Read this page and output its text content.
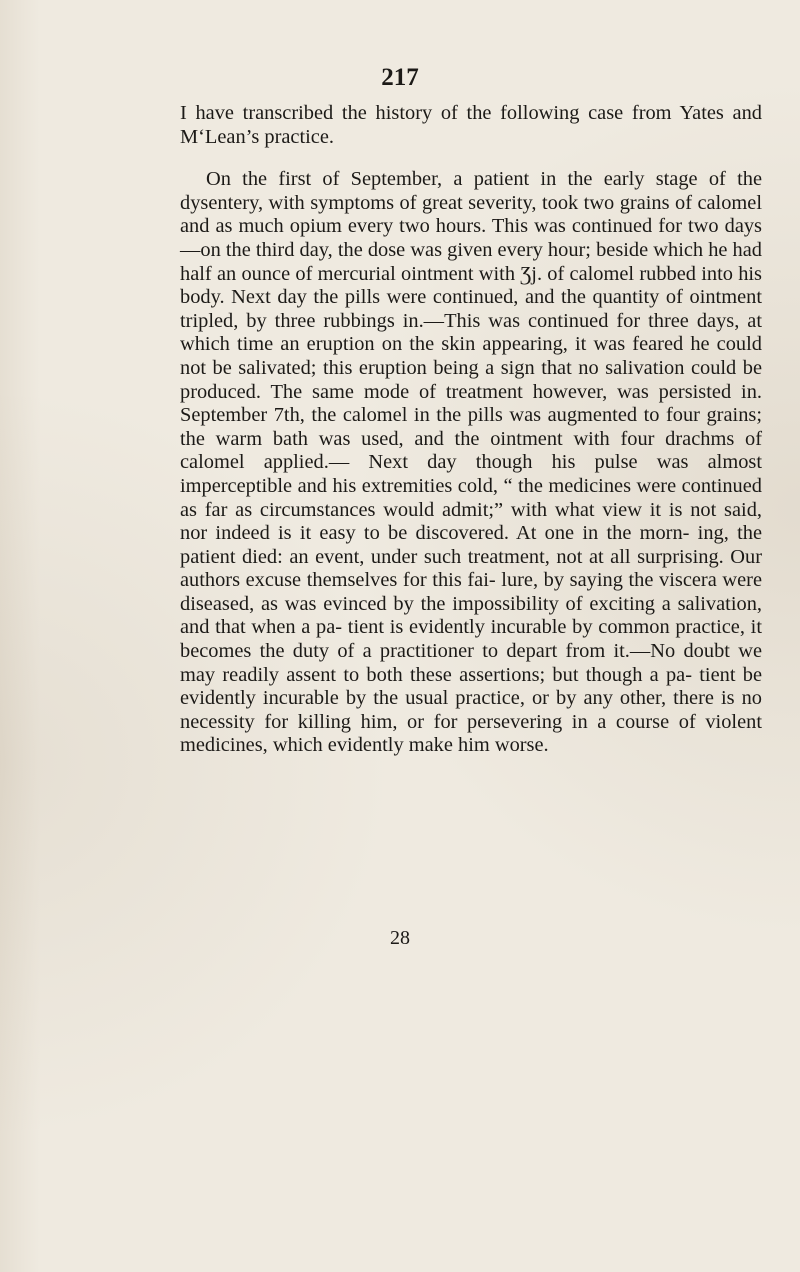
217

I have transcribed the history of the following case from Yates and M‘Lean’s practice.

On the first of September, a patient in the early stage of the dysentery, with symptoms of great severity, took two grains of calomel and as much opium every two hours. This was continued for two days—on the third day, the dose was given every hour; beside which he had half an ounce of mercurial ointment with Ʒj. of calomel rubbed into his body. Next day the pills were continued, and the quantity of ointment tripled, by three rubbings in.—This was continued for three days, at which time an eruption on the skin appearing, it was feared he could not be salivated; this eruption being a sign that no salivation could be produced. The same mode of treatment however, was persisted in. September 7th, the calomel in the pills was augmented to four grains; the warm bath was used, and the ointment with four drachms of calomel applied.— Next day though his pulse was almost imperceptible and his extremities cold, “ the medicines were continued as far as circumstances would admit;” with what view it is not said, nor indeed is it easy to be discovered. At one in the morn- ing, the patient died: an event, under such treatment, not at all surprising. Our authors excuse themselves for this fai- lure, by saying the viscera were diseased, as was evinced by the impossibility of exciting a salivation, and that when a pa- tient is evidently incurable by common practice, it becomes the duty of a practitioner to depart from it.—No doubt we may readily assent to both these assertions; but though a pa- tient be evidently incurable by the usual practice, or by any other, there is no necessity for killing him, or for persevering in a course of violent medicines, which evidently make him worse.

28
